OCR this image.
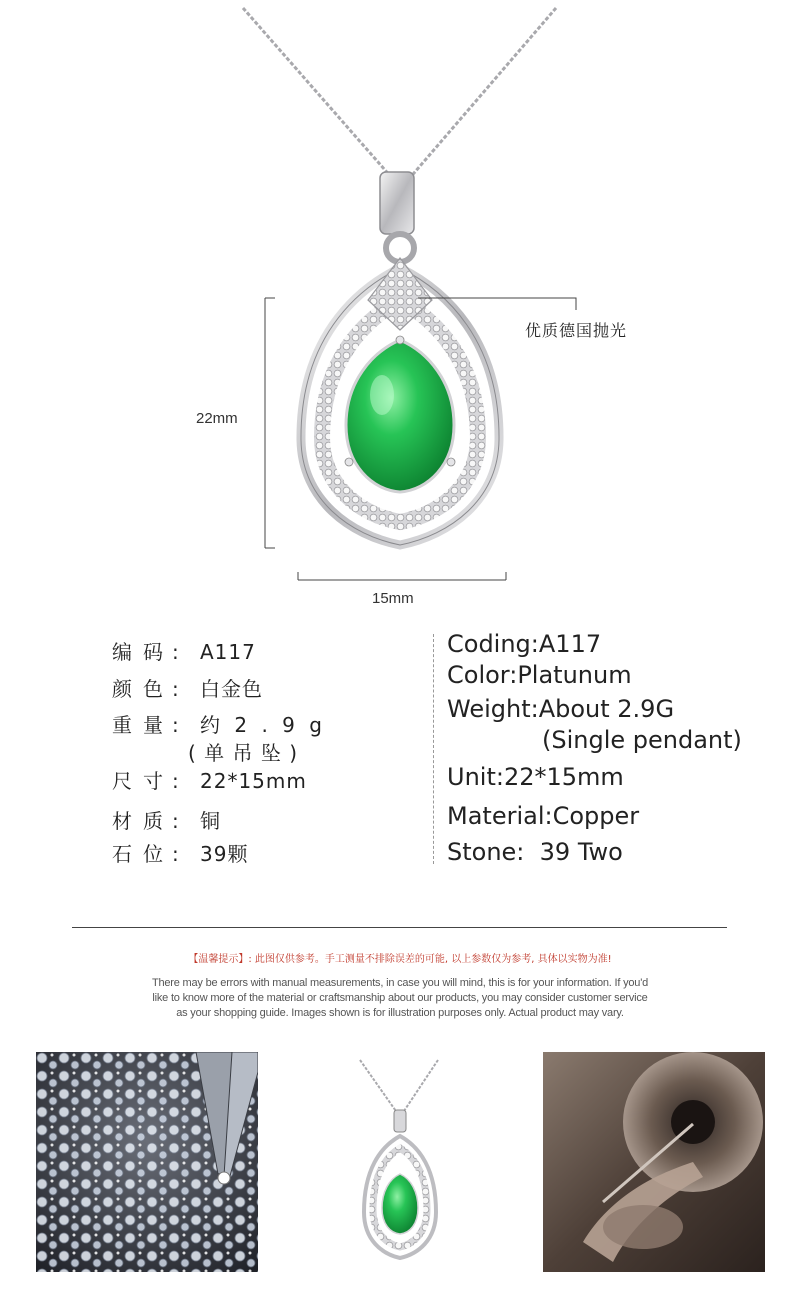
22mm
15mm
优质德国抛光
编码: A117
颜色: 白金色
重量: 约 2 . 9 g
( 单 吊 坠 )
尺寸: 22*15mm
材质: 铜
石位: 39颗
Coding:A117
Color:Platunum
Weight:About 2.9G
(Single pendant)
Unit:22*15mm
Material:Copper
Stone:  39 Two
【温馨提示】: 此图仅供参考。手工测量不排除误差的可能, 以上参数仅为参考, 具体以实物为准!
There may be errors with manual measurements, in case you will mind, this is for your information. If you'd
like to know more of the material or craftsmanship about our products, you may consider customer service
as your shopping guide. Images shown is for illustration purposes only. Actual product may vary.
